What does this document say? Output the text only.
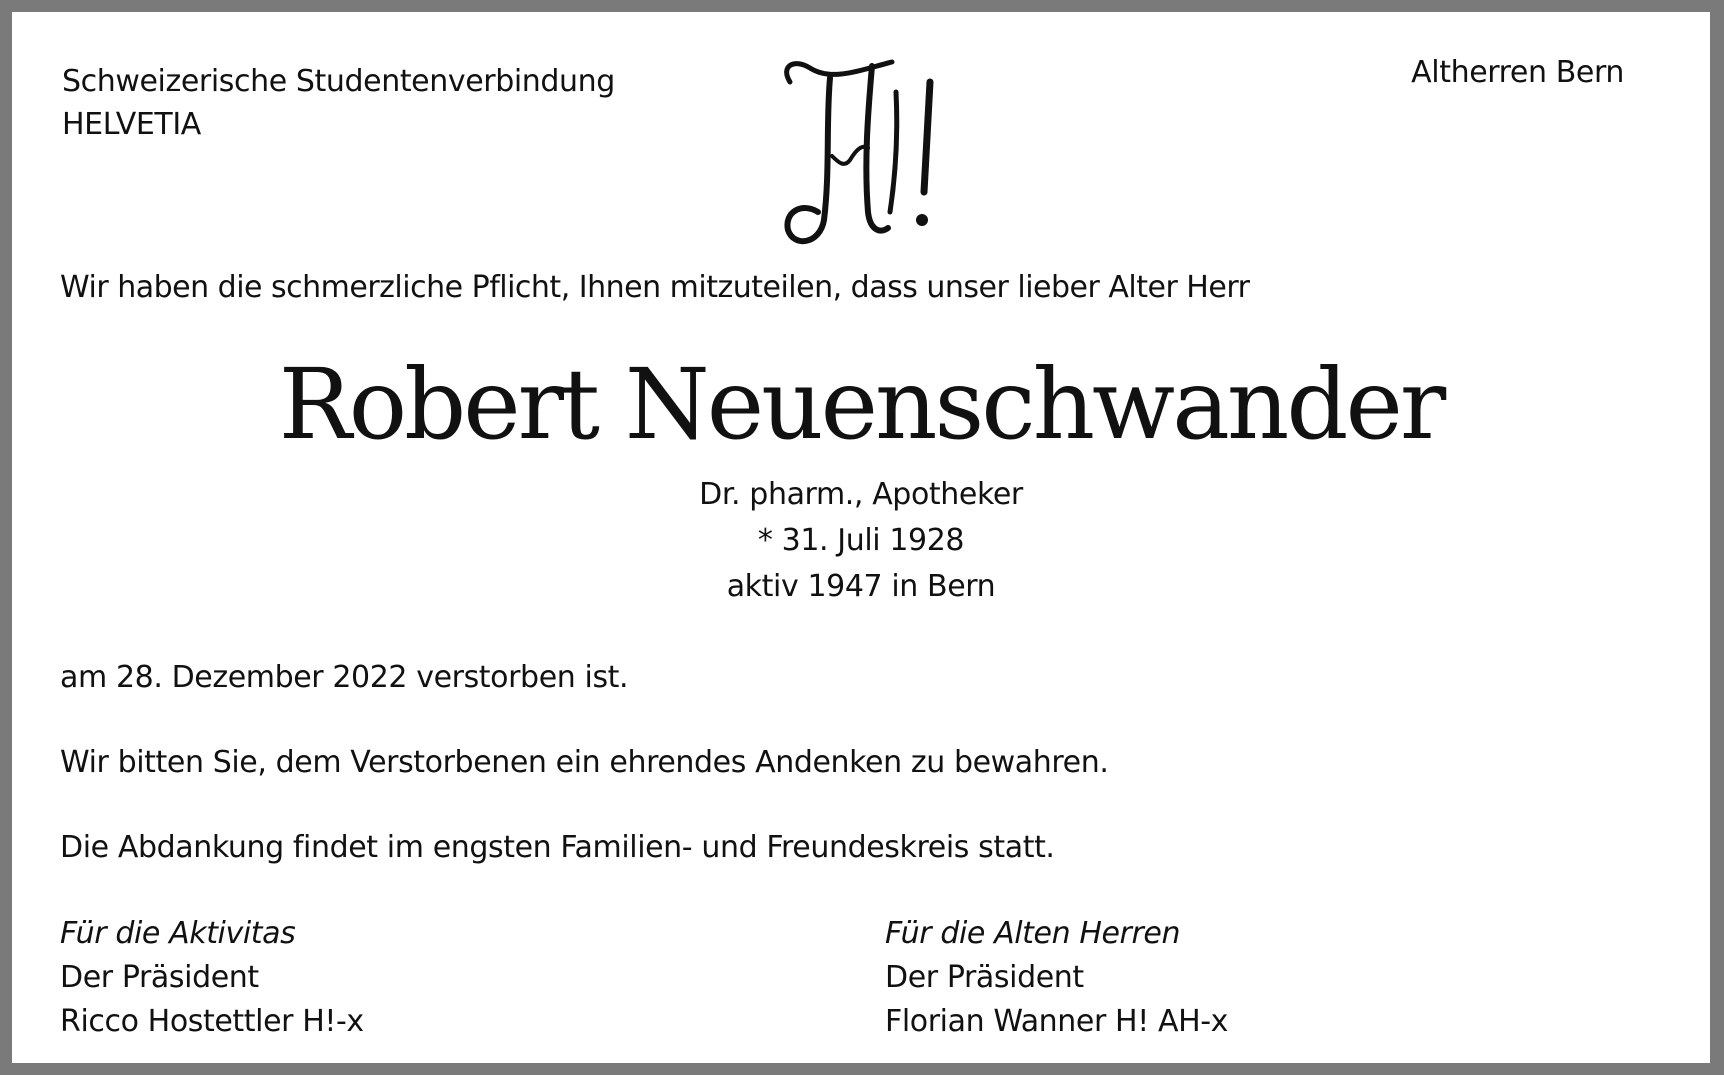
Schweizerische Studentenverbindung
HELVETIA
Altherren Bern
Wir haben die schmerzliche Pflicht, Ihnen mitzuteilen, dass unser lieber Alter Herr
Robert Neuenschwander
Dr. pharm., Apotheker
* 31. Juli 1928
aktiv 1947 in Bern
am 28. Dezember 2022 verstorben ist.
Wir bitten Sie, dem Verstorbenen ein ehrendes Andenken zu bewahren.
Die Abdankung findet im engsten Familien- und Freundeskreis statt.
Für die Aktivitas
Der Präsident
Ricco Hostettler H!-x
Für die Alten Herren
Der Präsident
Florian Wanner H! AH-x
